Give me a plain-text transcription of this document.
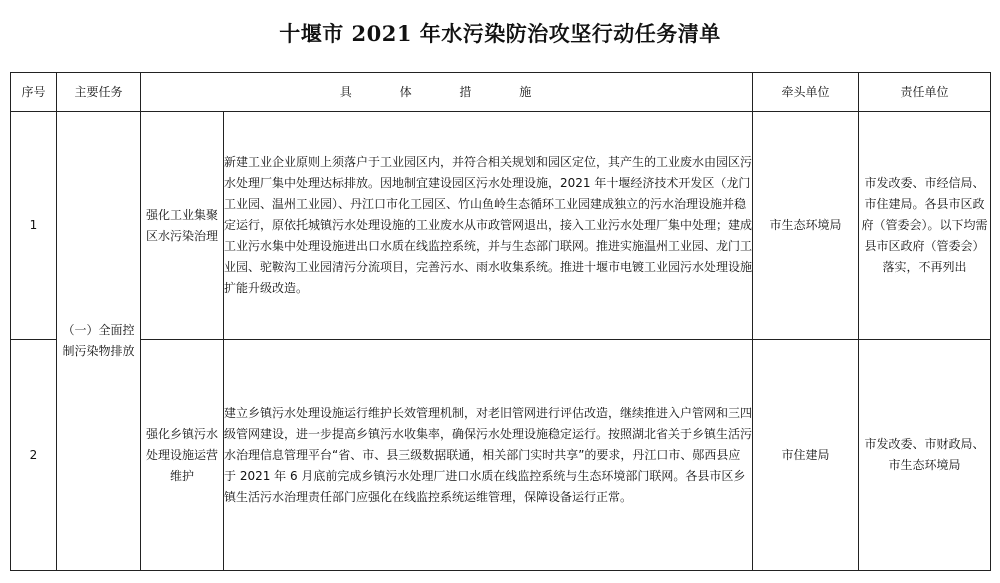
十堰市 2021 年水污染防治攻坚行动任务清单
序号	主要任务	具 体 措 施		牵头单位	责任单位
1	（一）全面控制污染物排放	强化工业集聚区水污染治理	新建工业企业原则上须落户于工业园区内，并符合相关规划和园区定位，其产生的工业废水由园区污水处理厂集中处理达标排放。因地制宜建设园区污水处理设施，2021 年十堰经济技术开发区（龙门工业园、温州工业园）、丹江口市化工园区、竹山鱼岭生态循环工业园建成独立的污水治理设施并稳定运行，原依托城镇污水处理设施的工业废水从市政管网退出，接入工业污水处理厂集中处理；建成工业污水集中处理设施进出口水质在线监控系统，并与生态部门联网。推进实施温州工业园、龙门工业园、驼鞍沟工业园清污分流项目，完善污水、雨水收集系统。推进十堰市电镀工业园污水处理设施扩能升级改造。	市生态环境局	市发改委、市经信局、市住建局。各县市区政府（管委会）。以下均需县市区政府（管委会）落实，不再列出
2		强化乡镇污水处理设施运营维护	建立乡镇污水处理设施运行维护长效管理机制，对老旧管网进行评估改造，继续推进入户管网和三四级管网建设，进一步提高乡镇污水收集率，确保污水处理设施稳定运行。按照湖北省关于乡镇生活污水治理信息管理平台“省、市、县三级数据联通，相关部门实时共享”的要求，丹江口市、郧西县应于 2021 年 6 月底前完成乡镇污水处理厂进口水质在线监控系统与生态环境部门联网。各县市区乡镇生活污水治理责任部门应强化在线监控系统运维管理，保障设备运行正常。	市住建局	市发改委、市财政局、市生态环境局
